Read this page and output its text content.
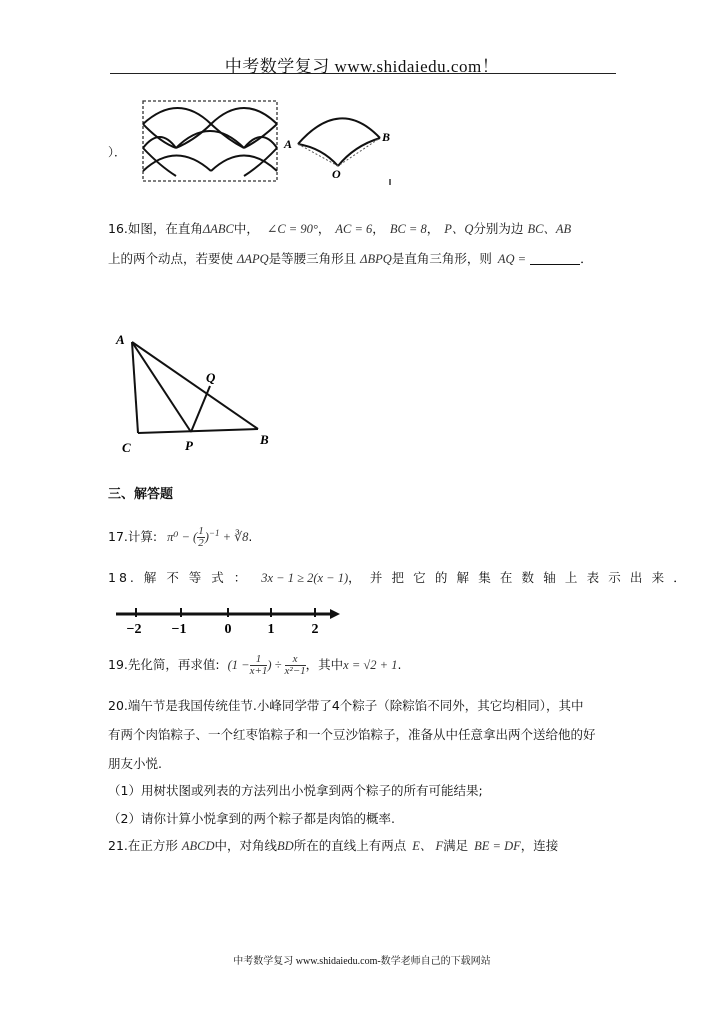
中考数学复习 www.shidaiedu.com！
）．
A	B
O
16.如图，在直角ΔABC中， ∠C = 90°， AC = 6， BC = 8， P、Q分别为边 BC、AB
上的两个动点，若要使 ΔAPQ是等腰三角形且 ΔBPQ是直角三角形，则 AQ =	．
A
Q
C	P	B
三、解答题
17.计算: π⁰ − ( $\frac{1}{2} )^{-1}$ + ∛8.
18. 解 不 等 式 ： 3x − 1 ≥ 2(x − 1)， 并 把 它 的 解 集 在 数 轴 上 表 示 出 来 ．
−2 −1	0	1	2
19.先化简，再求值: ($1 - \frac{1}{x+1}$ ) ÷ $\frac{x}{\text{x²−1}}$ ，其中x = √2 + 1.
20.端午节是我国传统佳节.小峰同学带了4个粽子（除粽馅不同外，其它均相同），其中
有两个肉馅粽子、一个红枣馅粽子和一个豆沙馅粽子，准备从中任意拿出两个送给他的好
朋友小悦.
（1）用树状图或列表的方法列出小悦拿到两个粽子的所有可能结果;
（2）请你计算小悦拿到的两个粽子都是肉馅的概率.
21.在正方形 ABCD中，对角线BD所在的直线上有两点 E、 F满足 BE = DF，连接
中考数学复习 www.shidaiedu.com-数学老师自己的下载网站
